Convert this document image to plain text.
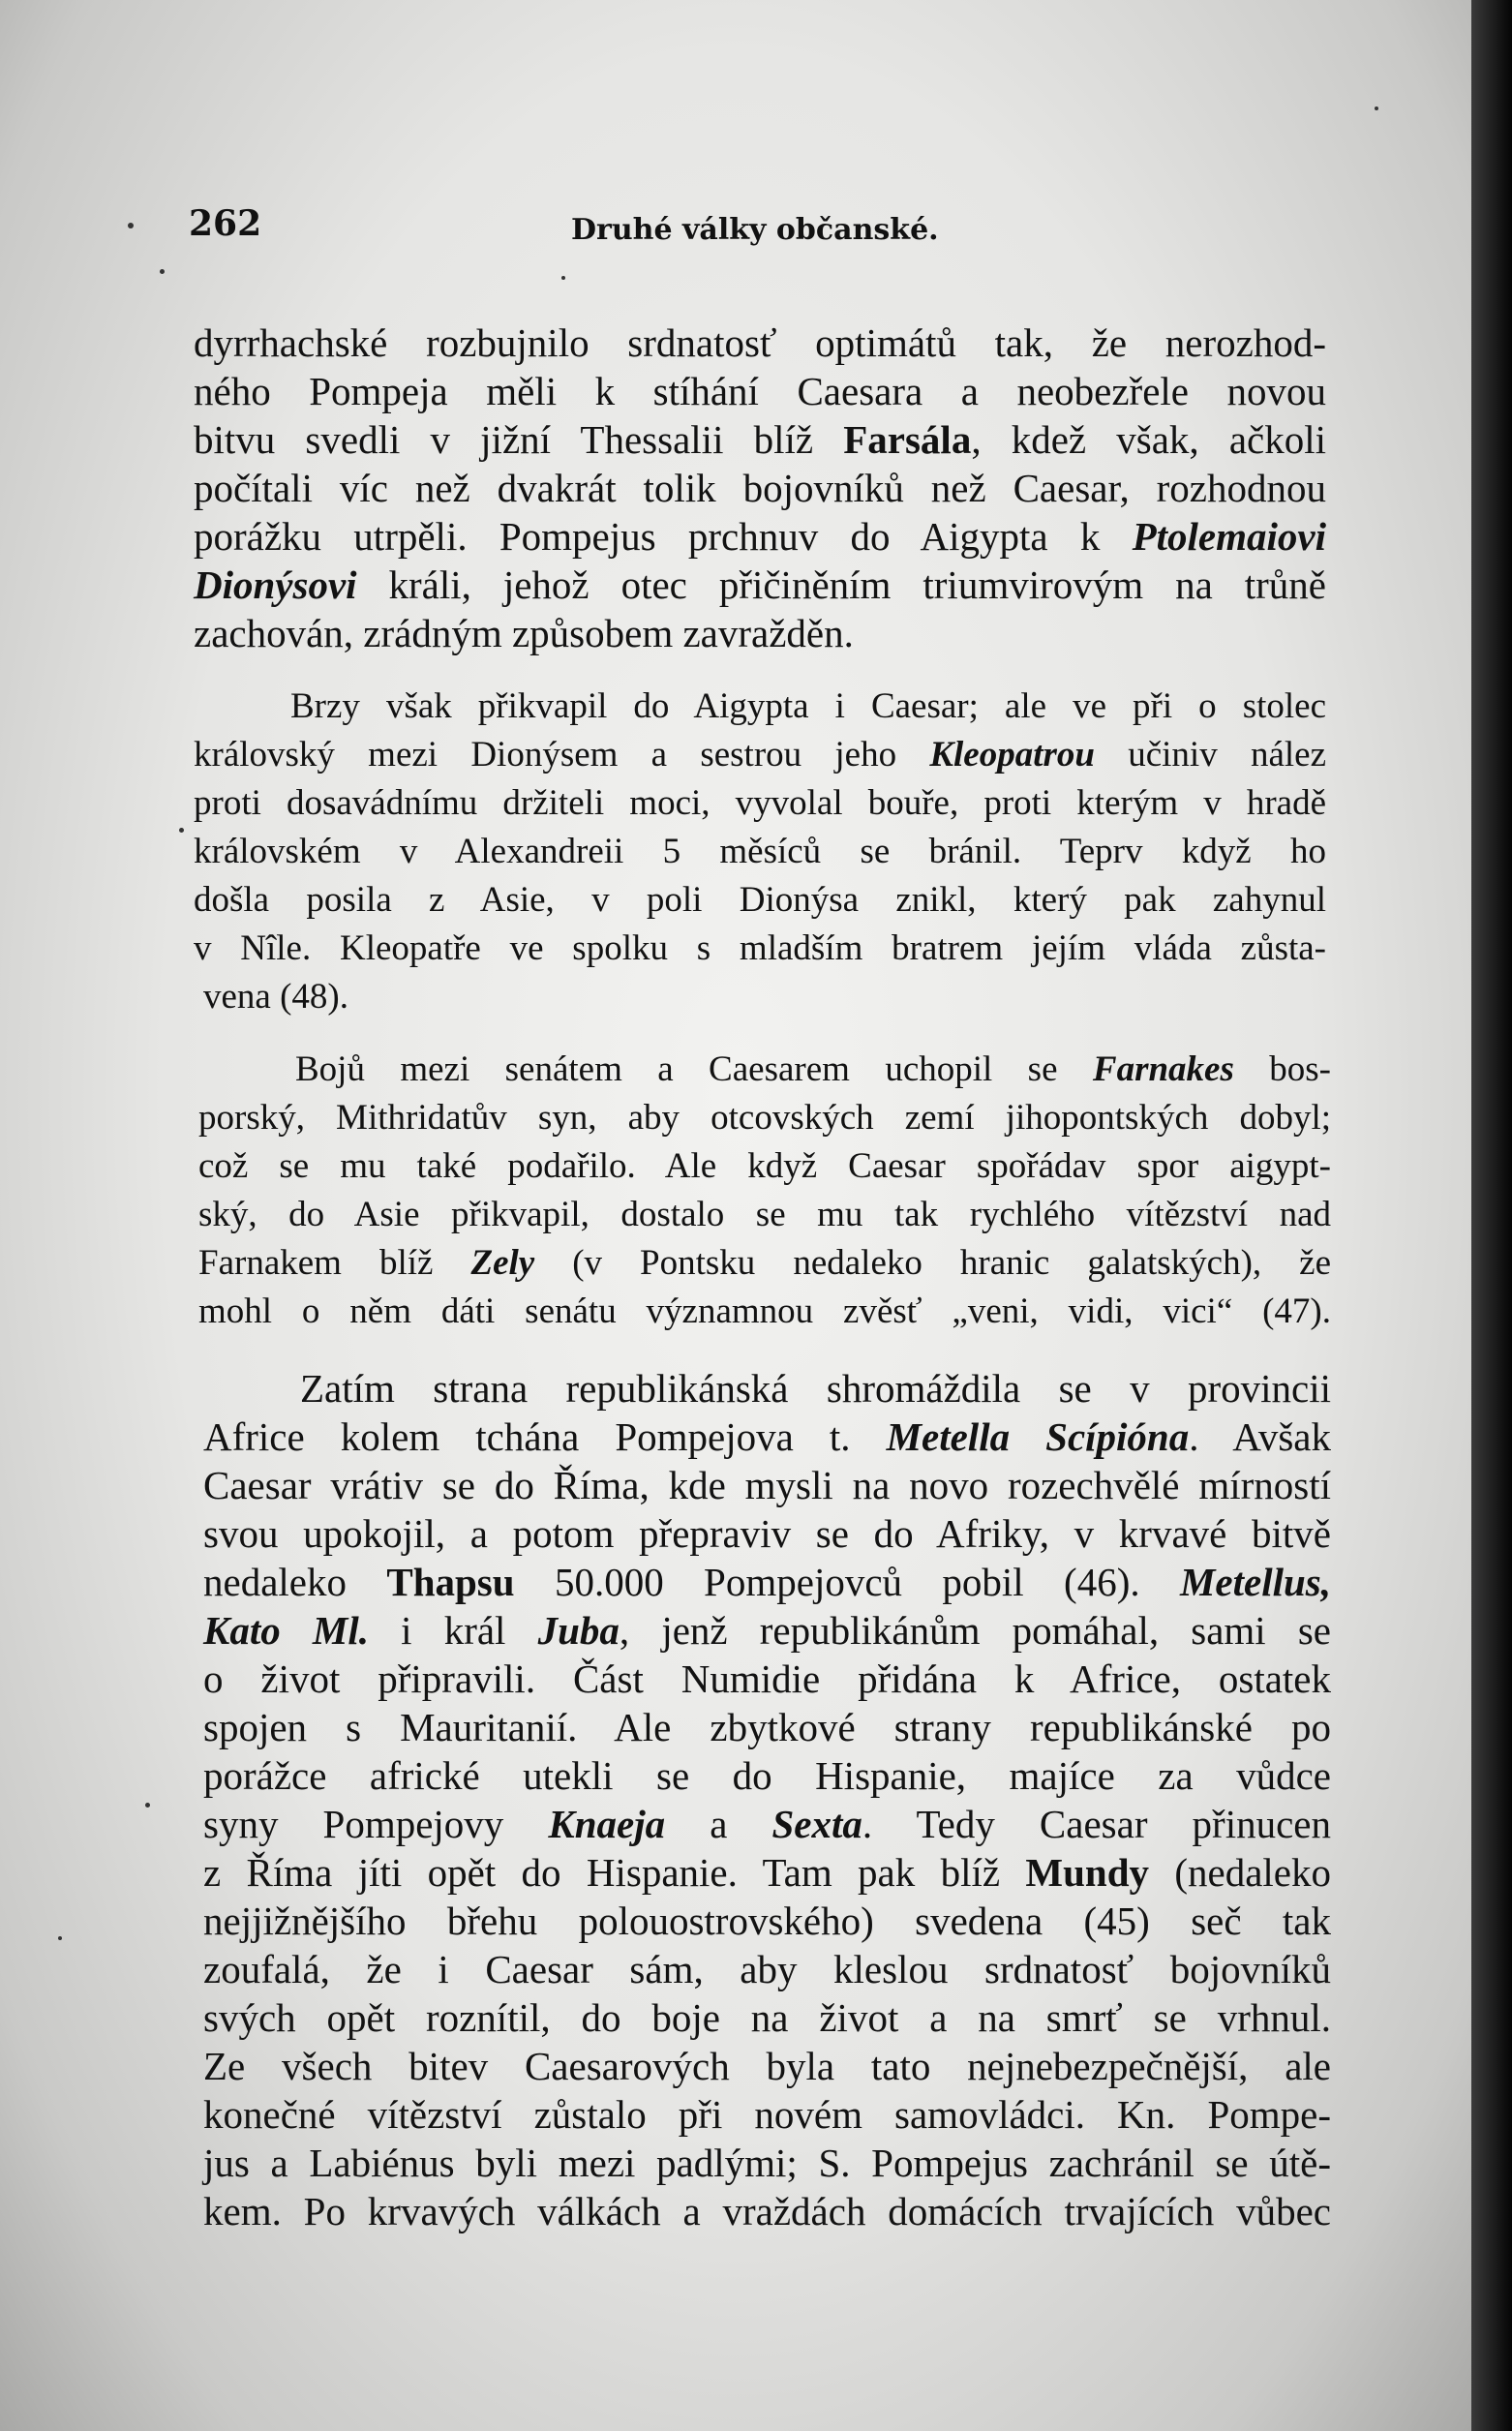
262	Druhé války občanské.
dyrrhachské rozbujnilo srdnatosť optimátů tak, že nerozhod-
ného Pompeja měli k stíhání Caesara a neobezřele novou
bitvu svedli v jižní Thessalii blíž Farsála, kdež však, ačkoli
počítali víc než dvakrát tolik bojovníků než Caesar, rozhodnou
porážku utrpěli. Pompejus prchnuv do Aigypta k Ptolemaiovi
Dionýsovi králi, jehož otec přičiněním triumvirovým na trůně
zachován, zrádným způsobem zavražděn.
Brzy však přikvapil do Aigypta i Caesar; ale ve při o stolec
královský mezi Dionýsem a sestrou jeho Kleopatrou učiniv nález
proti dosavádnímu držiteli moci, vyvolal bouře, proti kterým v hradě
královském v Alexandreii 5 měsíců se bránil. Teprv když ho
došla posila z Asie, v poli Dionýsa znikl, který pak zahynul
v Nîle. Kleopatře ve spolku s mladším bratrem jejím vláda zůsta-
vena (48).
Bojů mezi senátem a Caesarem uchopil se Farnakes bos-
porský, Mithridatův syn, aby otcovských zemí jihopontských dobyl;
což se mu také podařilo. Ale když Caesar spořádav spor aigypt-
ský, do Asie přikvapil, dostalo se mu tak rychlého vítězství nad
Farnakem blíž Zely (v Pontsku nedaleko hranic galatských), že
mohl o něm dáti senátu významnou zvěsť „veni, vidi, vici“ (47).
Zatím strana republikánská shromáždila se v provincii
Africe kolem tchána Pompejova t. Metella Scípióna. Avšak
Caesar vrátiv se do Říma, kde mysli na novo rozechvělé mírností
svou upokojil, a potom přepraviv se do Afriky, v krvavé bitvě
nedaleko Thapsu 50.000 Pompejovců pobil (46). Metellus,
Kato Ml. i král Juba, jenž republikánům pomáhal, sami se
o život připravili. Část Numidie přidána k Africe, ostatek
spojen s Mauritanií. Ale zbytkové strany republikánské po
porážce africké utekli se do Hispanie, majíce za vůdce
syny Pompejovy Knaeja a Sexta. Tedy Caesar přinucen
z Říma jíti opět do Hispanie. Tam pak blíž Mundy (nedaleko
nejjižnějšího břehu polouostrovského) svedena (45) seč tak
zoufalá, že i Caesar sám, aby kleslou srdnatosť bojovníků
svých opět roznítil, do boje na život a na smrť se vrhnul.
Ze všech bitev Caesarových byla tato nejnebezpečnější, ale
konečné vítězství zůstalo při novém samovládci. Kn. Pompe-
jus a Labiénus byli mezi padlými; S. Pompejus zachránil se útě-
kem. Po krvavých válkách a vraždách domácích trvajících vůbec
